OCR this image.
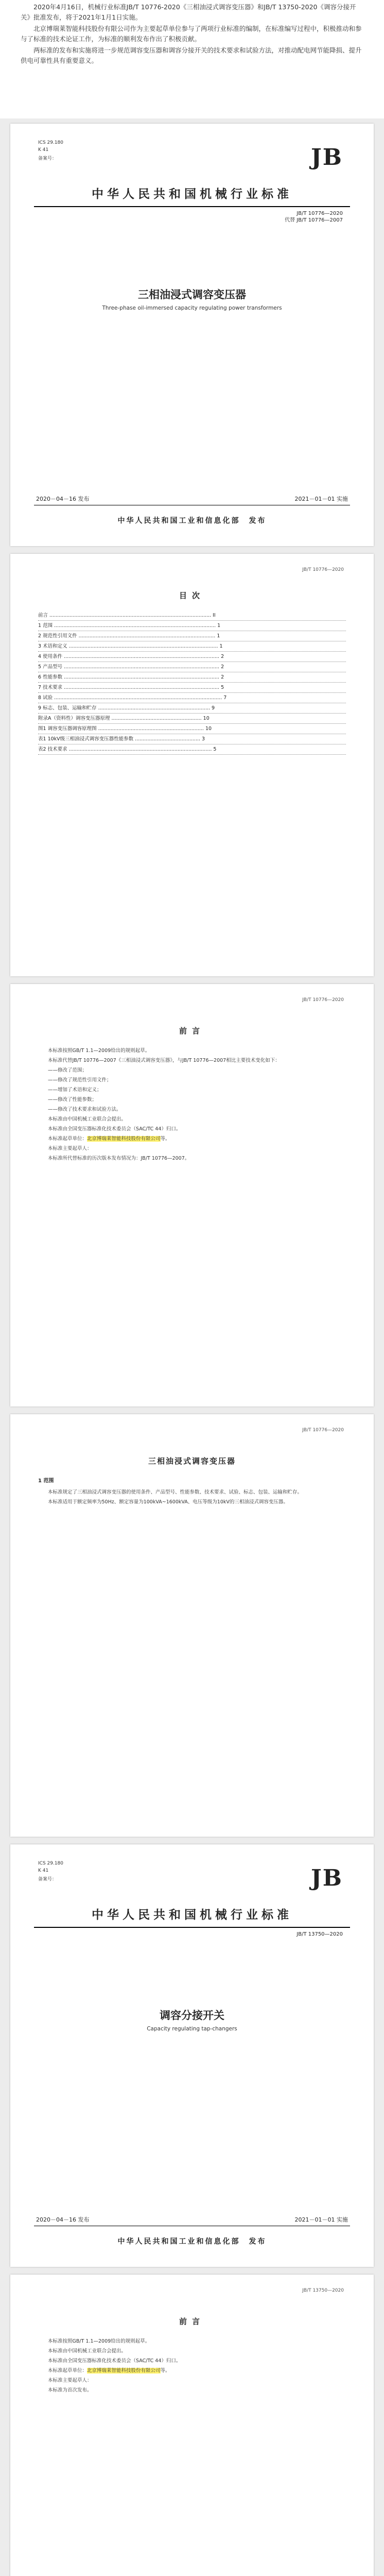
2020年4月16日，机械行业标准JB/T 10776-2020《三相油浸式调容变压器》和JB/T 13750-2020《调容分接开关》批准发布，将于2021年1月1日实施。

北京博瑞莱智能科技股份有限公司作为主要起草单位参与了两项行业标准的编制，在标准编写过程中，积极推动和参与了标准的技术论证工作，为标准的顺利发布作出了积极贡献。

两标准的发布和实施将进一步规范调容变压器和调容分接开关的技术要求和试验方法，对推动配电网节能降损、提升供电可靠性具有重要意义。

ICS 29.180
K 41
备案号：	JB
中华人民共和国机械行业标准
JB/T 10776—2020
代替 JB/T 10776—2007
三相油浸式调容变压器
Three-phase oil-immersed capacity regulating power transformers
2020－04－16 发布	2021－01－01 实施
中华人民共和国工业和信息化部　发布
JB/T 10776—2020
目次
前言 ........................................................................................................ II
1 范围 ........................................................................................................ 1
2 规范性引用文件 ........................................................................................ 1
3 术语和定义 ................................................................................................ 1
4 使用条件 .................................................................................................... 2
5 产品型号 .................................................................................................... 2
6 性能参数 .................................................................................................... 2
7 技术要求 .................................................................................................... 5
8 试验 ............................................................................................................ 7
9 标志、包装、运输和贮存 ........................................................................ 9
附录A（资料性）调容变压器原理 .......................................................... 10
图1 调容变压器调容原理图 .................................................................... 10
表1 10kV级三相油浸式调容变压器性能参数 .......................................... 3
表2 技术要求 ............................................................................................ 5
JB/T 10776—2020
前言

本标准按照GB/T 1.1—2009给出的规则起草。

本标准代替JB/T 10776—2007《三相油浸式调容变压器》，与JB/T 10776—2007相比主要技术变化如下：

——修改了范围；

——修改了规范性引用文件；

——增加了术语和定义；

——修改了性能参数；

——修改了技术要求和试验方法。

本标准由中国机械工业联合会提出。

本标准由全国变压器标准化技术委员会（SAC/TC 44）归口。

本标准起草单位：北京博瑞莱智能科技股份有限公司等。

本标准主要起草人：

本标准所代替标准的历次版本发布情况为：JB/T 10776—2007。

JB/T 10776—2020
三相油浸式调容变压器
1 范围

本标准规定了三相油浸式调容变压器的使用条件、产品型号、性能参数、技术要求、试验、标志、包装、运输和贮存。

本标准适用于额定频率为50Hz、额定容量为100kVA~1600kVA、电压等级为10kV的三相油浸式调容变压器。

ICS 29.180
K 41
备案号：	JB
中华人民共和国机械行业标准
JB/T 13750—2020
调容分接开关
Capacity regulating tap-changers
2020－04－16 发布	2021－01－01 实施
中华人民共和国工业和信息化部　发布
JB/T 13750—2020
前言

本标准按照GB/T 1.1—2009给出的规则起草。

本标准由中国机械工业联合会提出。

本标准由全国变压器标准化技术委员会（SAC/TC 44）归口。

本标准起草单位：北京博瑞莱智能科技股份有限公司等。

本标准主要起草人：

本标准为首次发布。
